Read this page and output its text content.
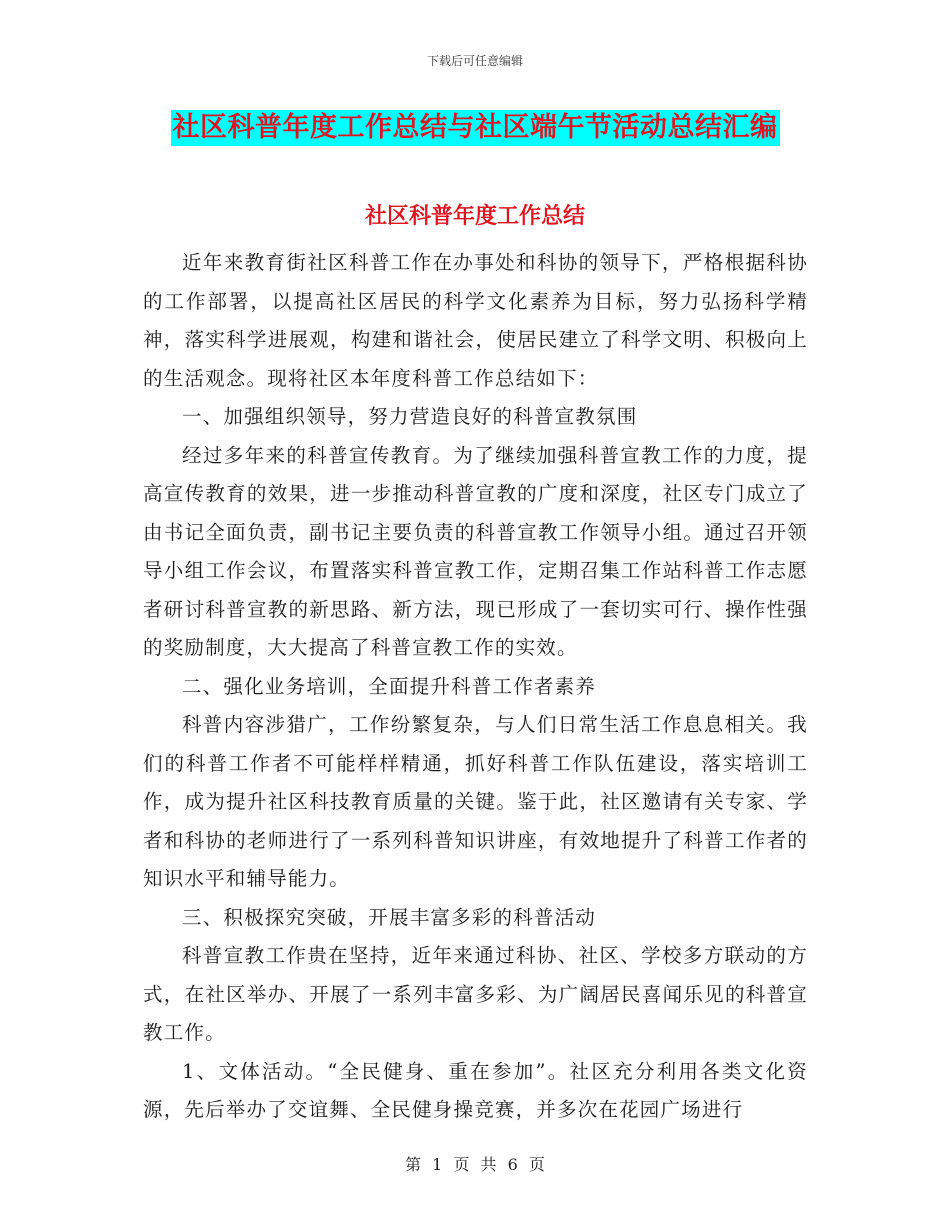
下载后可任意编辑
社区科普年度工作总结与社区端午节活动总结汇编
社区科普年度工作总结

近年来教育街社区科普工作在办事处和科协的领导下，严格根据科协的工作部署，以提高社区居民的科学文化素养为目标，努力弘扬科学精神，落实科学进展观，构建和谐社会，使居民建立了科学文明、积极向上的生活观念。现将社区本年度科普工作总结如下：

一、加强组织领导，努力营造良好的科普宣教氛围

经过多年来的科普宣传教育。为了继续加强科普宣教工作的力度，提高宣传教育的效果，进一步推动科普宣教的广度和深度，社区专门成立了由书记全面负责，副书记主要负责的科普宣教工作领导小组。通过召开领导小组工作会议，布置落实科普宣教工作，定期召集工作站科普工作志愿者研讨科普宣教的新思路、新方法，现已形成了一套切实可行、操作性强的奖励制度，大大提高了科普宣教工作的实效。

二、强化业务培训，全面提升科普工作者素养

科普内容涉猎广，工作纷繁复杂，与人们日常生活工作息息相关。我们的科普工作者不可能样样精通，抓好科普工作队伍建设，落实培训工作，成为提升社区科技教育质量的关键。鉴于此，社区邀请有关专家、学者和科协的老师进行了一系列科普知识讲座，有效地提升了科普工作者的知识水平和辅导能力。

三、积极探究突破，开展丰富多彩的科普活动

科普宣教工作贵在坚持，近年来通过科协、社区、学校多方联动的方式，在社区举办、开展了一系列丰富多彩、为广阔居民喜闻乐见的科普宣教工作。

1、文体活动。“全民健身、重在参加”。社区充分利用各类文化资源，先后举办了交谊舞、全民健身操竞赛，并多次在花园广场进行

第 1 页 共 6 页
